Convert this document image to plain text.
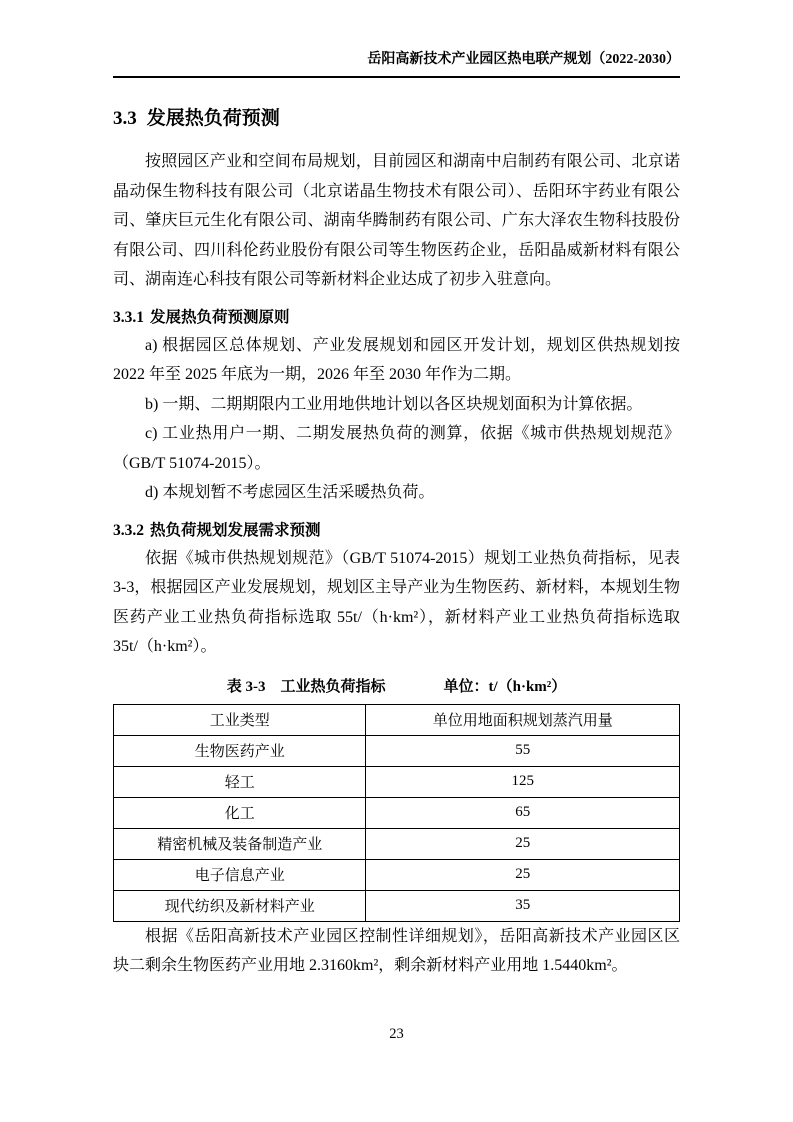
岳阳高新技术产业园区热电联产规划（2022-2030）
3.3 发展热负荷预测

按照园区产业和空间布局规划，目前园区和湖南中启制药有限公司、北京诺晶动保生物科技有限公司（北京诺晶生物技术有限公司）、岳阳环宇药业有限公司、肇庆巨元生化有限公司、湖南华腾制药有限公司、广东大泽农生物科技股份有限公司、四川科伦药业股份有限公司等生物医药企业，岳阳晶威新材料有限公司、湖南连心科技有限公司等新材料企业达成了初步入驻意向。

3.3.1 发展热负荷预测原则

a) 根据园区总体规划、产业发展规划和园区开发计划，规划区供热规划按 2022 年至 2025 年底为一期，2026 年至 2030 年作为二期。

b) 一期、二期期限内工业用地供地计划以各区块规划面积为计算依据。

c) 工业热用户一期、二期发展热负荷的测算，依据《城市供热规划规范》（GB/T 51074-2015）。

d) 本规划暂不考虑园区生活采暖热负荷。

3.3.2 热负荷规划发展需求预测

依据《城市供热规划规范》（GB/T 51074-2015）规划工业热负荷指标，见表 3-3，根据园区产业发展规划，规划区主导产业为生物医药、新材料，本规划生物医药产业工业热负荷指标选取 55t/（h·km²），新材料产业工业热负荷指标选取 35t/（h·km²）。

表 3-3　工业热负荷指标	单位：t/（h·km²）
工业类型	单位用地面积规划蒸汽用量
生物医药产业	55
轻工	125
化工	65
精密机械及装备制造产业	25
电子信息产业	25
现代纺织及新材料产业	35

根据《岳阳高新技术产业园区控制性详细规划》，岳阳高新技术产业园区区块二剩余生物医药产业用地 2.3160km²，剩余新材料产业用地 1.5440km²。

23
